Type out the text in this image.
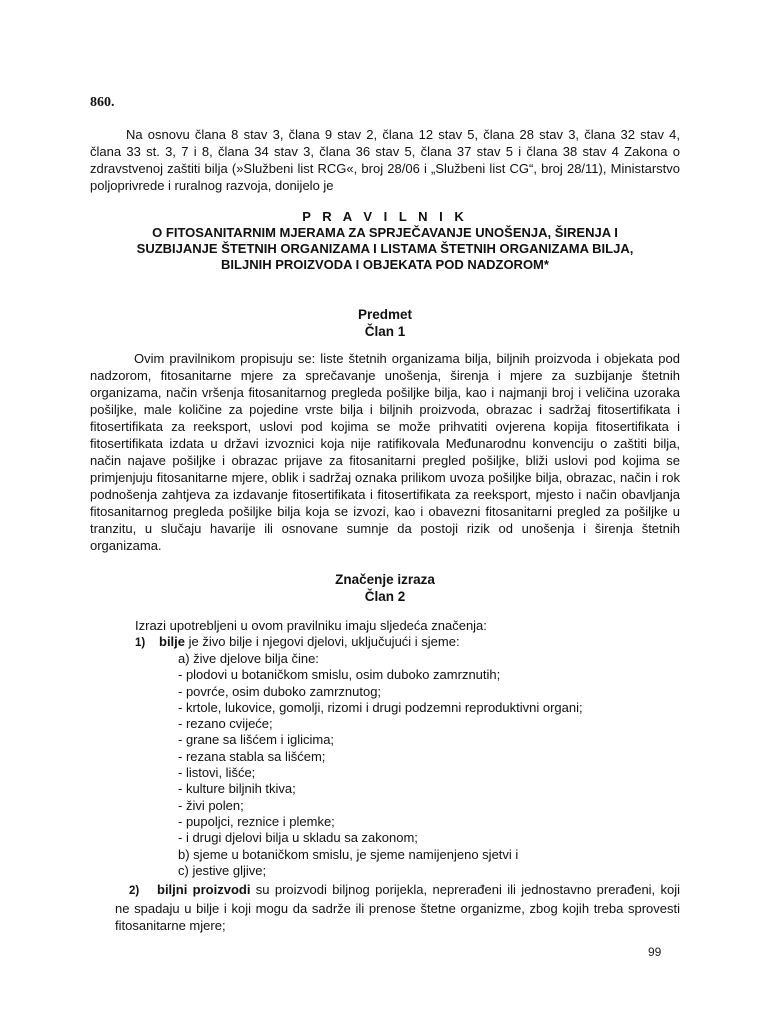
860.
Na osnovu člana 8 stav 3, člana 9 stav 2, člana 12 stav 5, člana 28 stav 3, člana 32 stav 4, člana 33 st. 3, 7 i 8, člana 34 stav 3, člana 36 stav 5, člana 37 stav 5 i člana 38 stav 4 Zakona o zdravstvenoj zaštiti bilja (»Službeni list RCG«, broj 28/06 i „Službeni list CG“, broj 28/11), Ministarstvo poljoprivrede i ruralnog razvoja, donijelo je
P R A V I L N I K
O FITOSANITARNIM MJERAMA ZA SPRJEČAVANJE UNOŠENJA, ŠIRENJA I
SUZBIJANJE ŠTETNIH ORGANIZAMA I LISTAMA ŠTETNIH ORGANIZAMA BILJA,
BILJNIH PROIZVODA I OBJEKATA POD NADZOROM*
Predmet
Član 1
Ovim pravilnikom propisuju se: liste štetnih organizama bilja, biljnih proizvoda i objekata pod nadzorom, fitosanitarne mjere za sprečavanje unošenja, širenja i mjere za suzbijanje štetnih organizama, način vršenja fitosanitarnog pregleda pošiljke bilja, kao i najmanji broj i veličina uzoraka pošiljke, male količine za pojedine vrste bilja i biljnih proizvoda, obrazac i sadržaj fitosertifikata i fitosertifikata za reeksport, uslovi pod kojima se može prihvatiti ovjerena kopija fitosertifikata i fitosertifikata izdata u državi izvoznici koja nije ratifikovala Međunarodnu konvenciju o zaštiti bilja, način najave pošiljke i obrazac prijave za fitosanitarni pregled pošiljke, bliži uslovi pod kojima se primjenjuju fitosanitarne mjere, oblik i sadržaj oznaka prilikom uvoza pošiljke bilja, obrazac, način i rok podnošenja zahtjeva za izdavanje fitosertifikata i fitosertifikata za reeksport, mjesto i način obavljanja fitosanitarnog pregleda pošiljke bilja koja se izvozi, kao i obavezni fitosanitarni pregled za pošiljke u tranzitu, u slučaju havarije ili osnovane sumnje da postoji rizik od unošenja i širenja štetnih organizama.
Značenje izraza
Član 2
Izrazi upotrebljeni u ovom pravilniku imaju sljedeća značenja:
1) bilje je živo bilje i njegovi djelovi, uključujući i sjeme:
a) žive djelove bilja čine:
- plodovi u botaničkom smislu, osim duboko zamrznutih;
- povrće, osim duboko zamrznutog;
- krtole, lukovice, gomolji, rizomi i drugi podzemni reproduktivni organi;
- rezano cvijeće;
- grane sa lišćem i iglicima;
- rezana stabla sa lišćem;
- listovi, lišće;
- kulture biljnih tkiva;
- živi polen;
- pupoljci, reznice i plemke;
- i drugi djelovi bilja u skladu sa zakonom;
b) sjeme u botaničkom smislu, je sjeme namijenjeno sjetvi i
c) jestive gljive;
2) biljni proizvodi su proizvodi biljnog porijekla, neprerađeni ili jednostavno prerađeni, koji ne spadaju u bilje i koji mogu da sadrže ili prenose štetne organizme, zbog kojih treba sprovesti fitosanitarne mjere;
99
